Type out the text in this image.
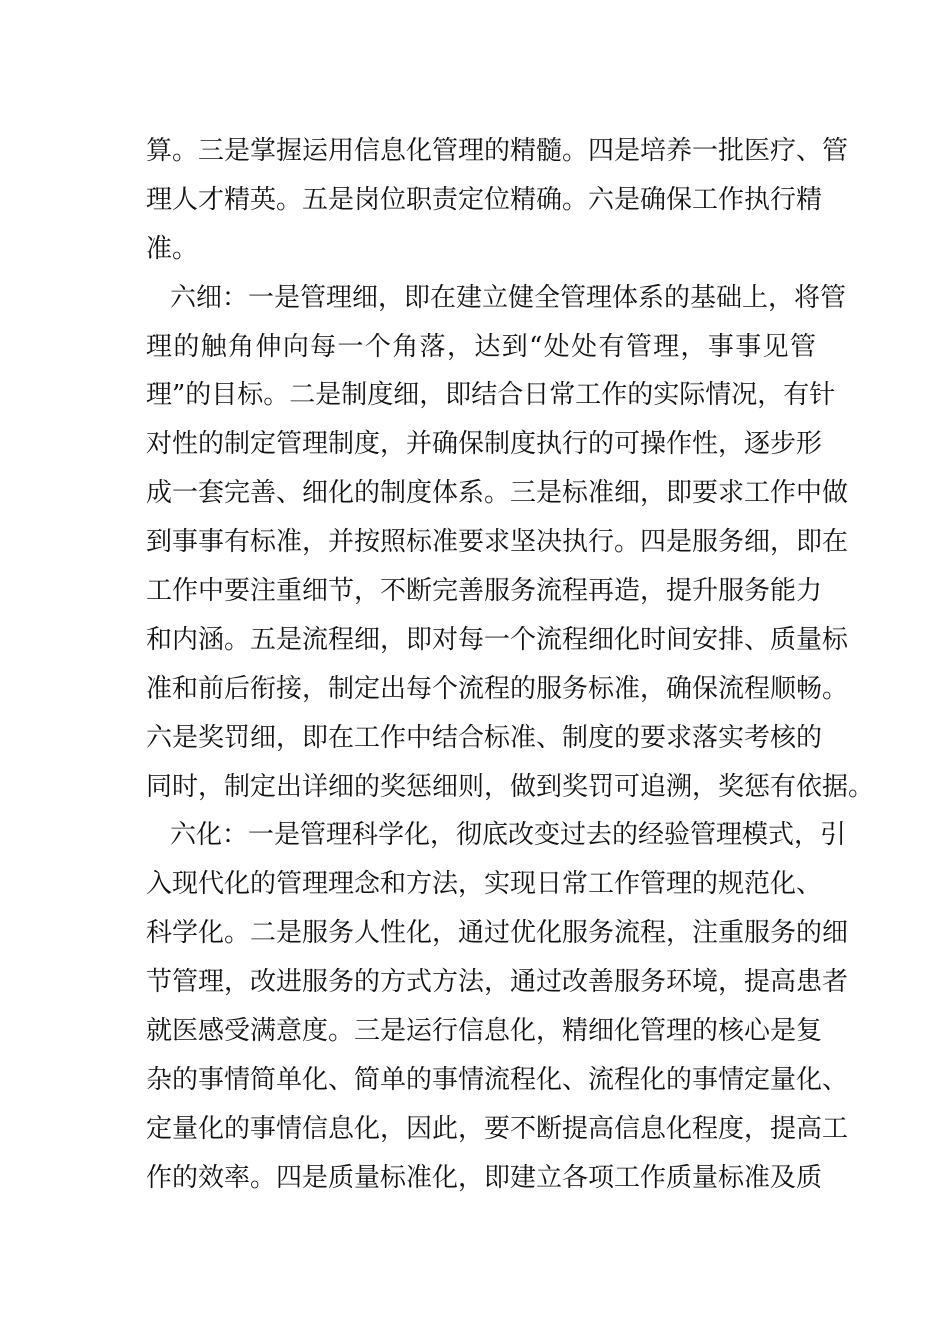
算。三是掌握运用信息化管理的精髓。四是培养一批医疗、管
理人才精英。五是岗位职责定位精确。六是确保工作执行精
准。
六细：一是管理细，即在建立健全管理体系的基础上，将管
理的触角伸向每一个角落，达到“处处有管理，事事见管
理”的目标。二是制度细，即结合日常工作的实际情况，有针
对性的制定管理制度，并确保制度执行的可操作性，逐步形
成一套完善、细化的制度体系。三是标准细，即要求工作中做
到事事有标准，并按照标准要求坚决执行。四是服务细，即在
工作中要注重细节，不断完善服务流程再造，提升服务能力
和内涵。五是流程细，即对每一个流程细化时间安排、质量标
准和前后衔接，制定出每个流程的服务标准，确保流程顺畅。
六是奖罚细，即在工作中结合标准、制度的要求落实考核的
同时，制定出详细的奖惩细则，做到奖罚可追溯，奖惩有依据。
六化：一是管理科学化，彻底改变过去的经验管理模式，引
入现代化的管理理念和方法，实现日常工作管理的规范化、
科学化。二是服务人性化，通过优化服务流程，注重服务的细
节管理，改进服务的方式方法，通过改善服务环境，提高患者
就医感受满意度。三是运行信息化，精细化管理的核心是复
杂的事情简单化、简单的事情流程化、流程化的事情定量化、
定量化的事情信息化，因此，要不断提高信息化程度，提高工
作的效率。四是质量标准化，即建立各项工作质量标准及质
